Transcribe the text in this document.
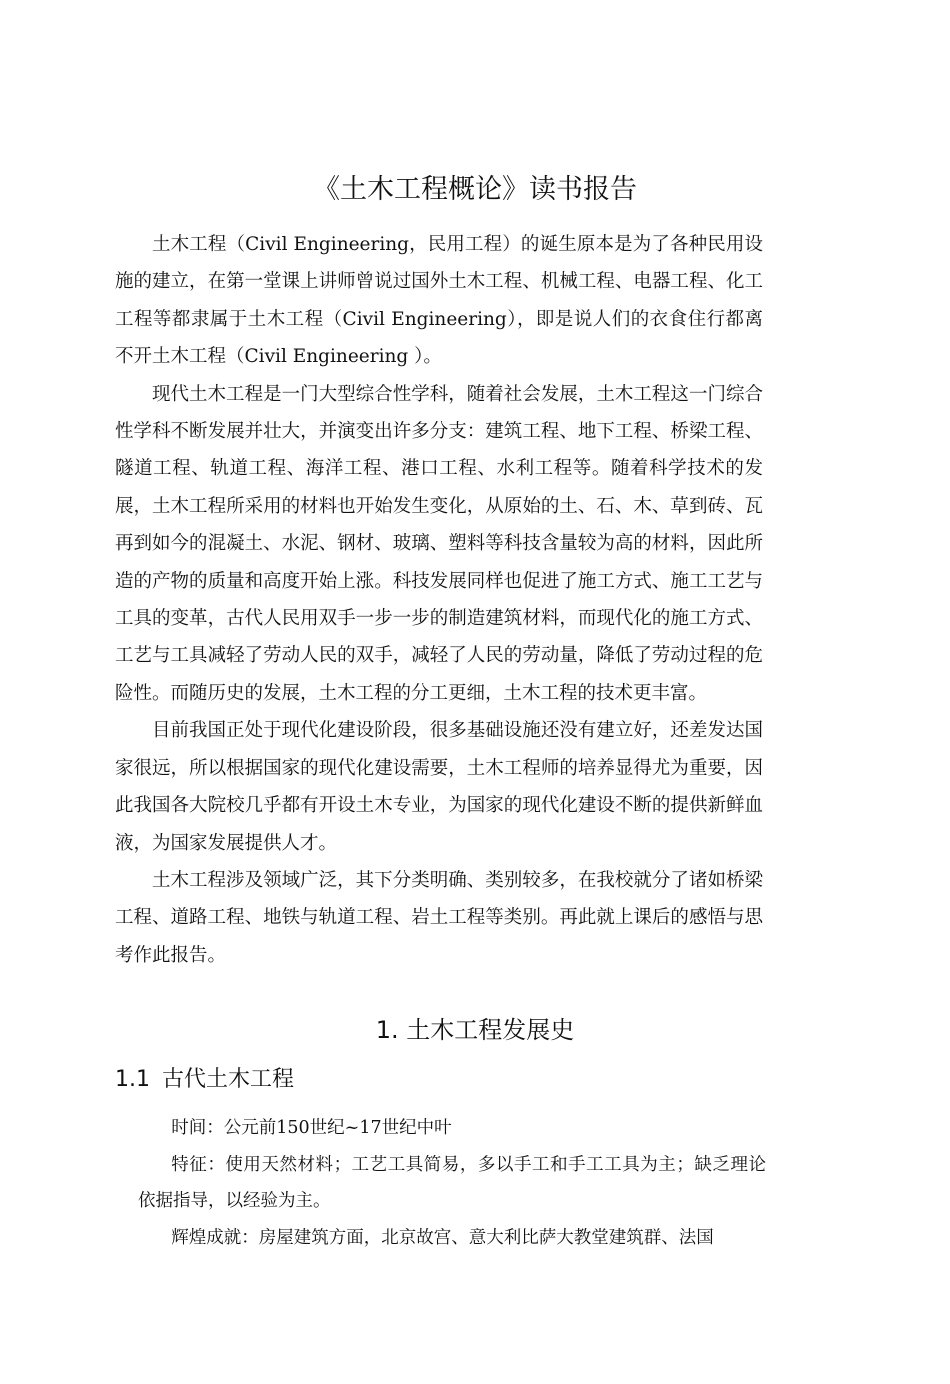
《土木工程概论》读书报告

土木工程（Civil Engineering，民用工程）的诞生原本是为了各种民用设施的建立，在第一堂课上讲师曾说过国外土木工程、机械工程、电器工程、化工工程等都隶属于土木工程（Civil Engineering），即是说人们的衣食住行都离不开土木工程（Civil Engineering ）。

现代土木工程是一门大型综合性学科，随着社会发展，土木工程这一门综合性学科不断发展并壮大，并演变出许多分支：建筑工程、地下工程、桥梁工程、隧道工程、轨道工程、海洋工程、港口工程、水利工程等。随着科学技术的发展，土木工程所采用的材料也开始发生变化，从原始的土、石、木、草到砖、瓦再到如今的混凝土、水泥、钢材、玻璃、塑料等科技含量较为高的材料，因此所造的产物的质量和高度开始上涨。科技发展同样也促进了施工方式、施工工艺与工具的变革，古代人民用双手一步一步的制造建筑材料，而现代化的施工方式、工艺与工具减轻了劳动人民的双手，减轻了人民的劳动量，降低了劳动过程的危险性。而随历史的发展，土木工程的分工更细，土木工程的技术更丰富。

目前我国正处于现代化建设阶段，很多基础设施还没有建立好，还差发达国家很远，所以根据国家的现代化建设需要，土木工程师的培养显得尤为重要，因此我国各大院校几乎都有开设土木专业，为国家的现代化建设不断的提供新鲜血液，为国家发展提供人才。

土木工程涉及领域广泛，其下分类明确、类别较多，在我校就分了诸如桥梁工程、道路工程、地铁与轨道工程、岩土工程等类别。再此就上课后的感悟与思考作此报告。

1. 土木工程发展史
1.1 古代土木工程

时间：公元前150世纪~17世纪中叶

特征：使用天然材料；工艺工具简易，多以手工和手工工具为主；缺乏理论依据指导，以经验为主。

辉煌成就：房屋建筑方面，北京故宫、意大利比萨大教堂建筑群、法国
